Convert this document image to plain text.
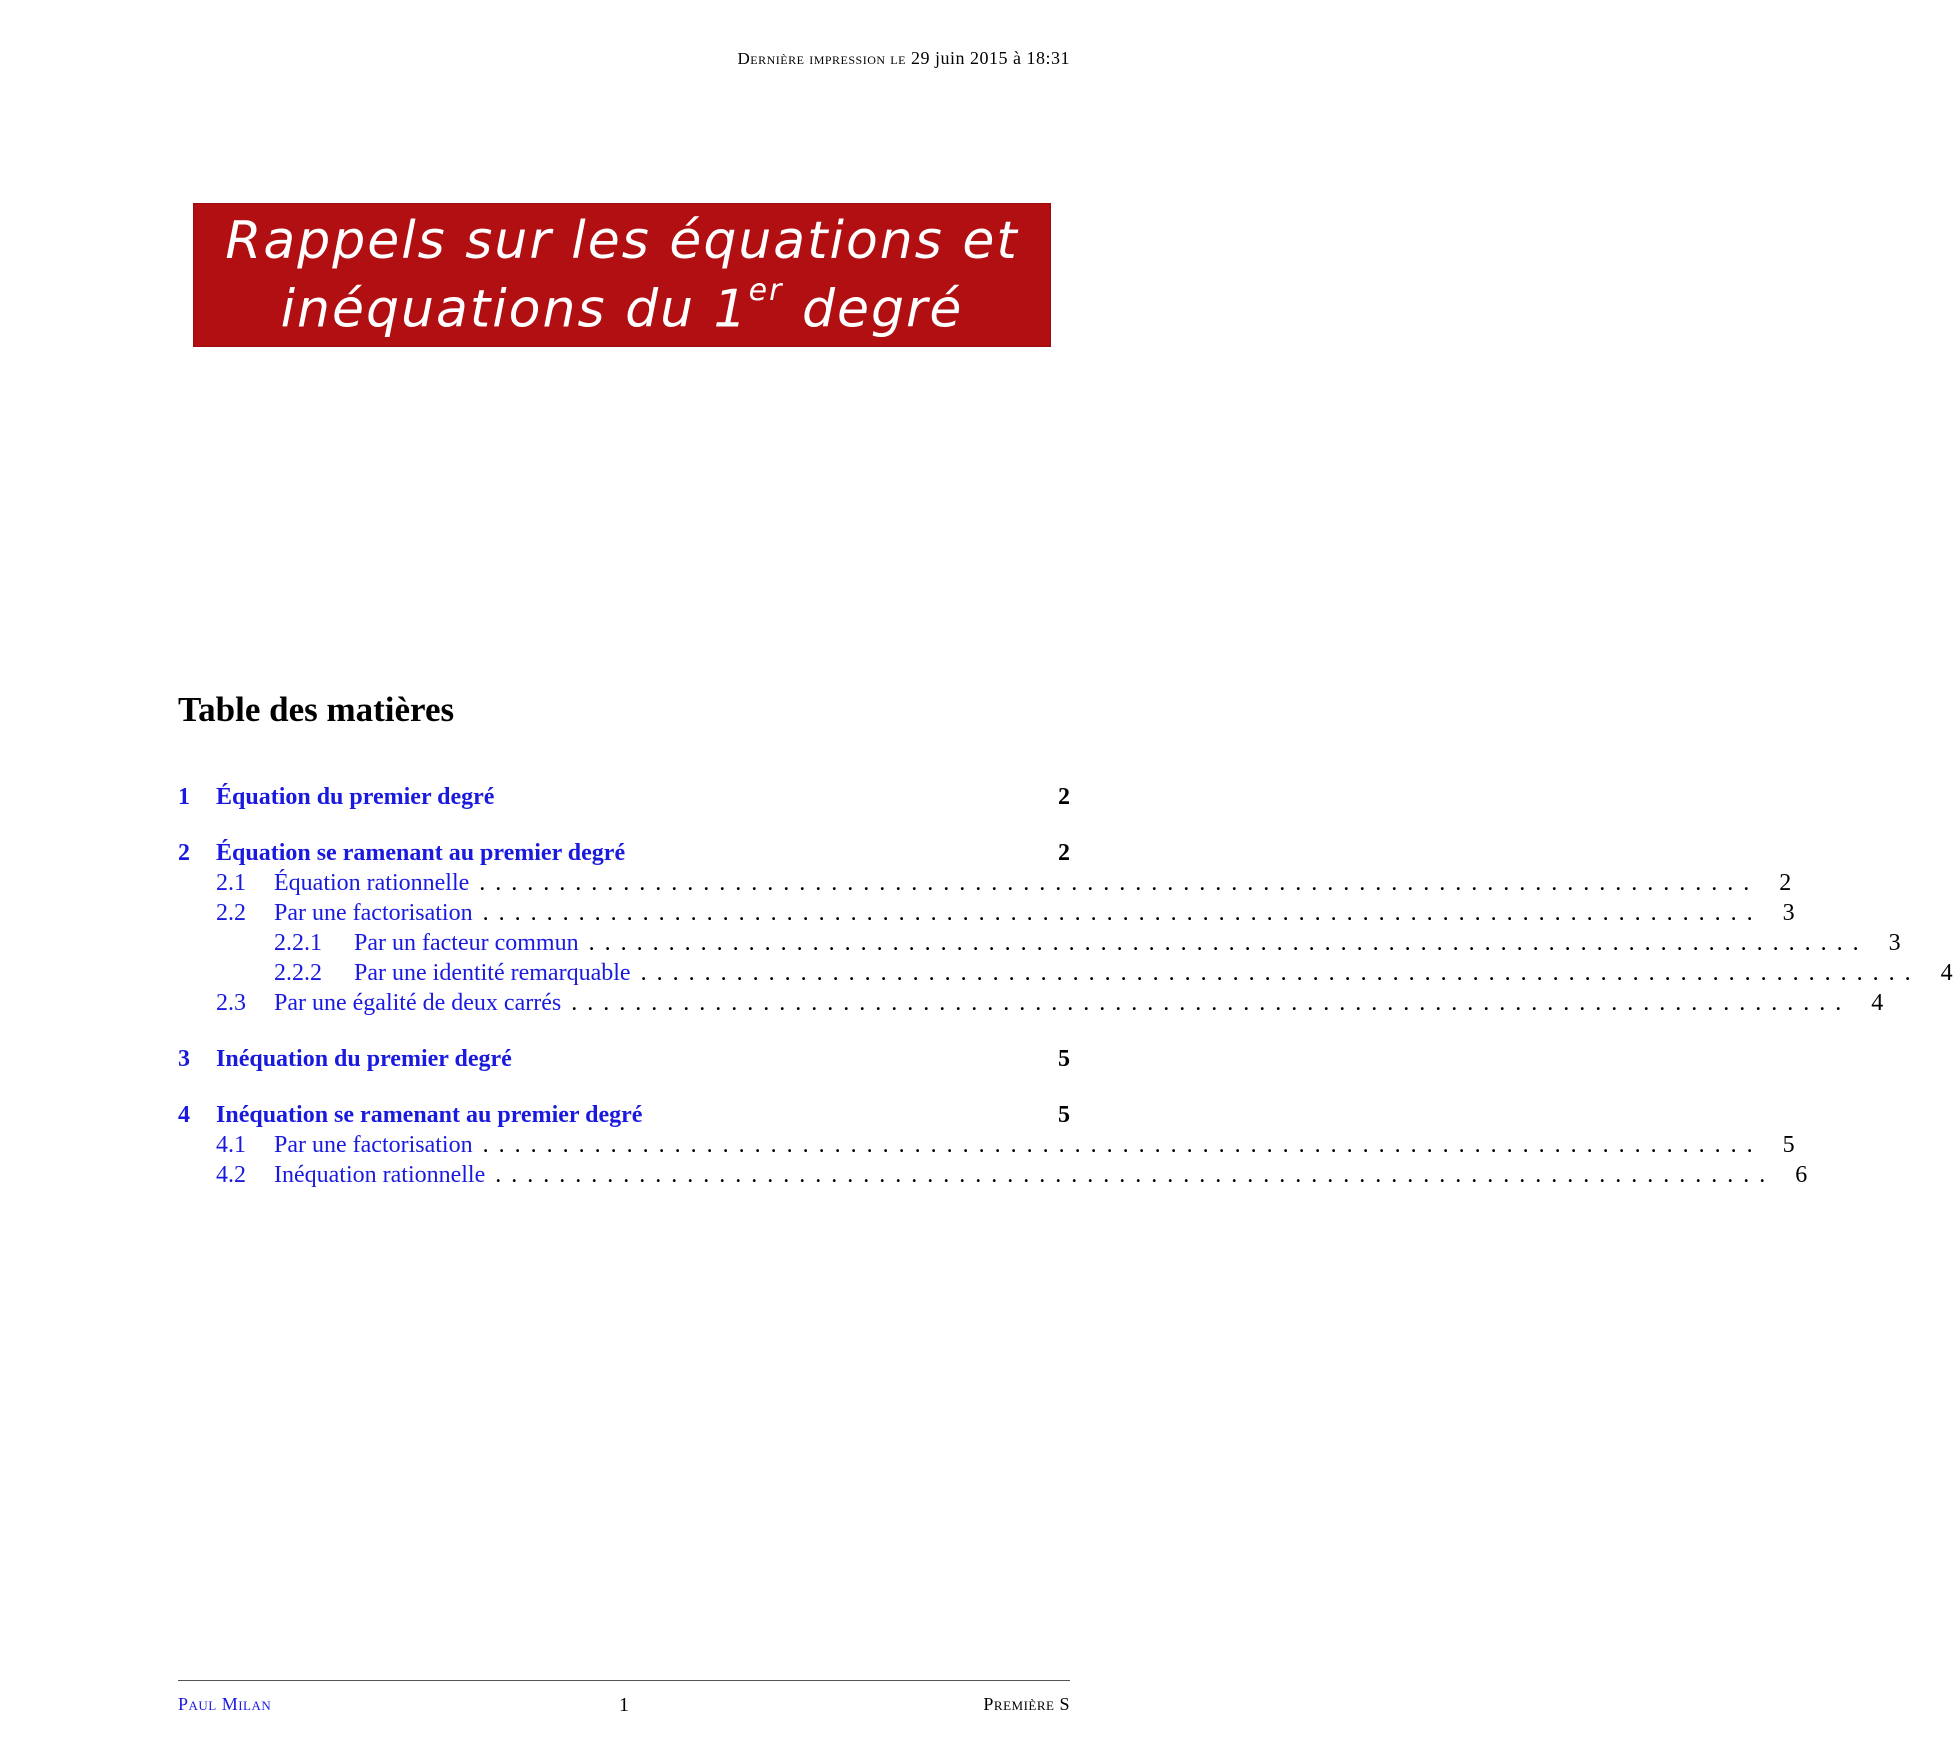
Dernière impression le 29 juin 2015 à 18:31
Rappels sur les équations et
inéquations du 1er degré
Table des matières
1	Équation du premier degré	2
2	Équation se ramenant au premier degré	2
2.1	Équation rationnelle ................................................................................ 2
2.2	Par une factorisation ................................................................................ 3
2.2.1	Par un facteur commun ................................................................................ 3
2.2.2	Par une identité remarquable ................................................................................ 4
2.3	Par une égalité de deux carrés ................................................................................ 4
3	Inéquation du premier degré	5
4	Inéquation se ramenant au premier degré	5
4.1	Par une factorisation ................................................................................ 5
4.2	Inéquation rationnelle ................................................................................ 6
Paul Milan	1	Première S
